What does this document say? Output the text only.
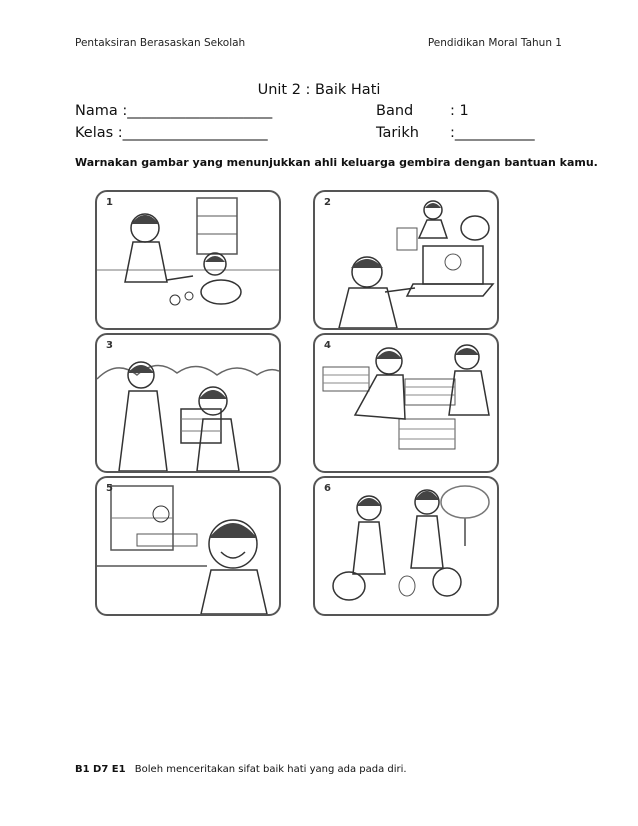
Pentaksiran Berasaskan Sekolah	Pendidikan Moral Tahun 1
Unit 2 : Baik Hati
Nama :____________________	Band	: 1
Kelas :____________________	Tarikh :___________
Warnakan gambar yang menunjukkan ahli keluarga gembira dengan bantuan kamu.
1	2
3	4
5	6
B1 D7 E1 Boleh menceritakan sifat baik hati yang ada pada diri.
